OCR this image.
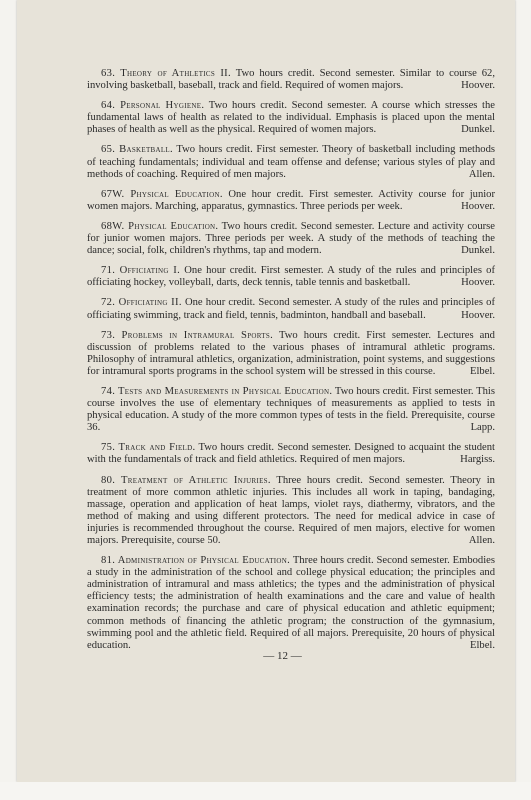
63. Theory of Athletics II. Two hours credit. Second semester. Similar to course 62, involving basketball, baseball, track and field. Required of women majors.	Hoover.

64. Personal Hygiene. Two hours credit. Second semester. A course which stresses the fundamental laws of health as related to the individual. Emphasis is placed upon the mental phases of health as well as the physical. Required of women majors.	Dunkel.

65. Basketball. Two hours credit. First semester. Theory of basketball including methods of teaching fundamentals; individual and team offense and defense; various styles of play and methods of coaching. Required of men majors.	Allen.

67W. Physical Education. One hour credit. First semester. Activity course for junior women majors. Marching, apparatus, gymnastics. Three periods per week.	Hoover.

68W. Physical Education. Two hours credit. Second semester. Lecture and activity course for junior women majors. Three periods per week. A study of the methods of teaching the dance; social, folk, children's rhythms, tap and modern.	Dunkel.

71. Officiating I. One hour credit. First semester. A study of the rules and principles of officiating hockey, volleyball, darts, deck tennis, table tennis and basketball.	Hoover.

72. Officiating II. One hour credit. Second semester. A study of the rules and principles of officiating swimming, track and field, tennis, badminton, handball and baseball.	Hoover.

73. Problems in Intramural Sports. Two hours credit. First semester. Lectures and discussion of problems related to the various phases of intramural athletic programs. Philosophy of intramural athletics, organization, administration, point systems, and suggestions for intramural sports programs in the school system will be stressed in this course.	Elbel.

74. Tests and Measurements in Physical Education. Two hours credit. First semester. This course involves the use of elementary techniques of measurements as applied to tests in physical education. A study of the more common types of tests in the field. Prerequisite, course 36.	Lapp.

75. Track and Field. Two hours credit. Second semester. Designed to acquaint the student with the fundamentals of track and field athletics. Required of men majors.	Hargiss.

80. Treatment of Athletic Injuries. Three hours credit. Second semester. Theory in treatment of more common athletic injuries. This includes all work in taping, bandaging, massage, operation and application of heat lamps, violet rays, diathermy, vibrators, and the method of making and using different protectors. The need for medical advice in case of injuries is recommended throughout the course. Required of men majors, elective for women majors. Prerequisite, course 50.	Allen.

81. Administration of Physical Education. Three hours credit. Second semester. Embodies a study in the administration of the school and college physical education; the principles and administration of intramural and mass athletics; the types and the administration of physical efficiency tests; the administration of health examinations and the care and value of health examination records; the purchase and care of physical education and athletic equipment; common methods of financing the athletic program; the construction of the gymnasium, swimming pool and the athletic field. Required of all majors. Prerequisite, 20 hours of physical education.	Elbel.

— 12 —
